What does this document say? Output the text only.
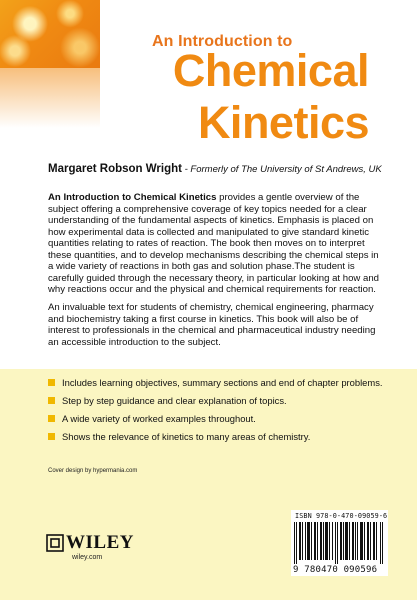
An Introduction to
Chemical
Kinetics
Margaret Robson Wright - Formerly of The University of St Andrews, UK

An Introduction to Chemical Kinetics provides a gentle overview of the subject offering a comprehensive coverage of key topics needed for a clear understanding of the fundamental aspects of kinetics. Emphasis is placed on how experimental data is collected and manipulated to give standard kinetic quantities relating to rates of reaction. The book then moves on to interpret these quantities, and to develop mechanisms describing the chemical steps in a wide variety of reactions in both gas and solution phase.The student is carefully guided through the necessary theory, in particular looking at how and why reactions occur and the physical and chemical requirements for reaction.

An invaluable text for students of chemistry, chemical engineering, pharmacy and biochemistry taking a first course in kinetics. This book will also be of interest to professionals in the chemical and pharmaceutical industry needing an accessible introduction to the subject.

Includes learning objectives, summary sections and end of chapter problems.
Step by step guidance and clear explanation of topics.
A wide variety of worked examples throughout.
Shows the relevance of kinetics to many areas of chemistry.
Cover design by hypermania.com
WILEY
wiley.com
ISBN 978-0-470-09059-6
9 780470 090596
